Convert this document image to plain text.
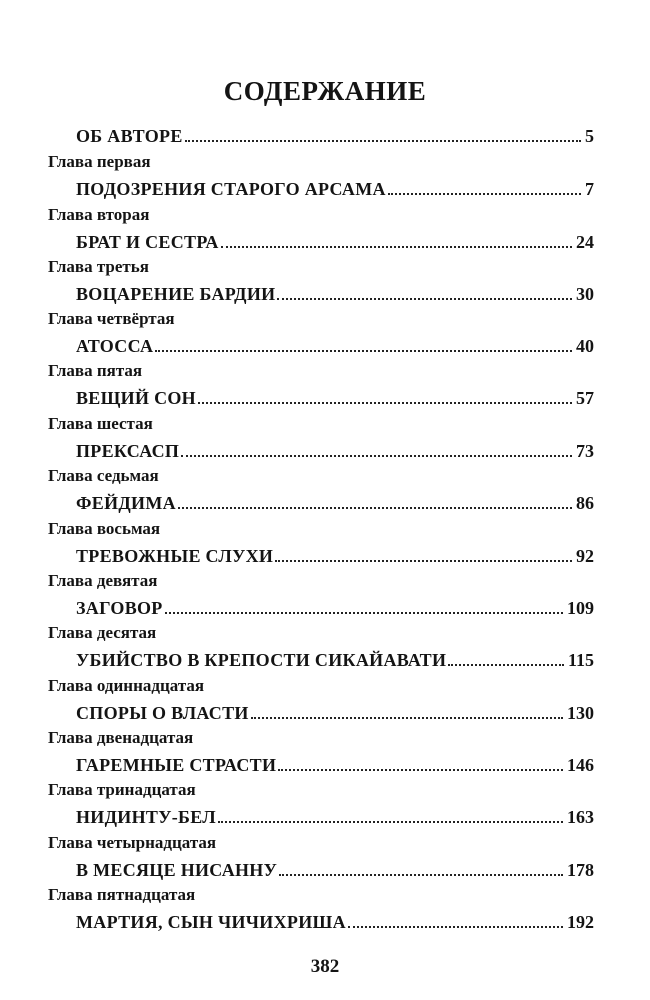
СОДЕРЖАНИЕ
ОБ АВТОРЕ	5
Глава первая
ПОДОЗРЕНИЯ СТАРОГО АРСАМА	7
Глава вторая
БРАТ И СЕСТРА	24
Глава третья
ВОЦАРЕНИЕ БАРДИИ	30
Глава четвёртая
АТОССА	40
Глава пятая
ВЕЩИЙ СОН	57
Глава шестая
ПРЕКСАСП	73
Глава седьмая
ФЕЙДИМА	86
Глава восьмая
ТРЕВОЖНЫЕ СЛУХИ	92
Глава девятая
ЗАГОВОР	109
Глава десятая
УБИЙСТВО В КРЕПОСТИ СИКАЙАВАТИ	115
Глава одиннадцатая
СПОРЫ О ВЛАСТИ	130
Глава двенадцатая
ГАРЕМНЫЕ СТРАСТИ	146
Глава тринадцатая
НИДИНТУ-БЕЛ	163
Глава четырнадцатая
В МЕСЯЦЕ НИСАННУ	178
Глава пятнадцатая
МАРТИЯ, СЫН ЧИЧИХРИША	192
382
